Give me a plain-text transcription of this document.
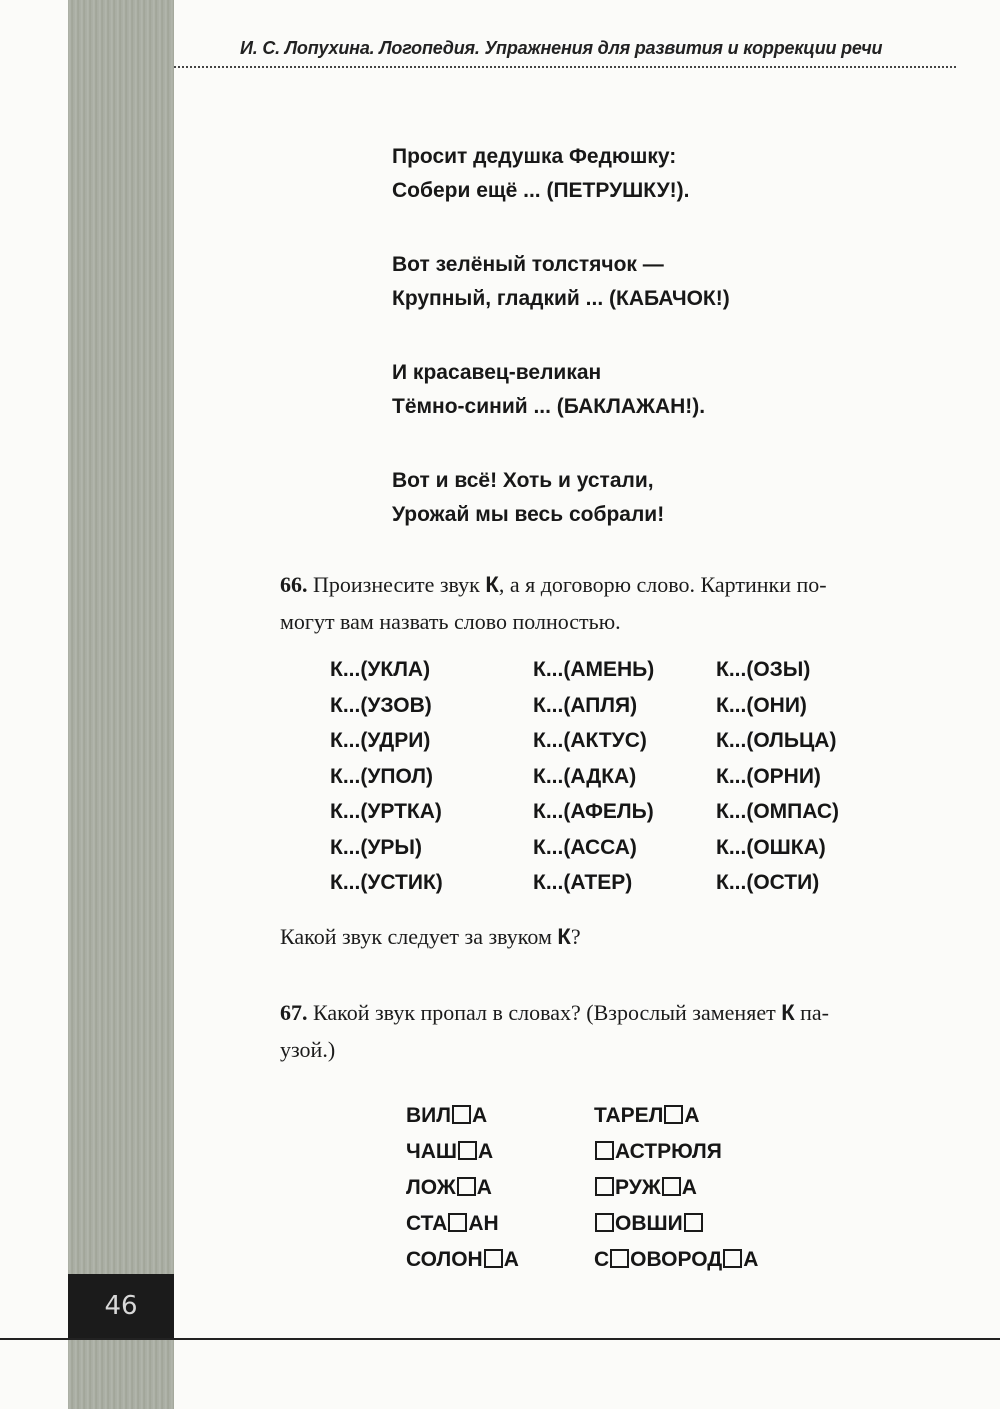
46
И. С. Лопухина. Логопедия. Упражнения для развития и коррекции речи
Просит дедушка Федюшку:
Собери ещё ... (ПЕТРУШКУ!).
Вот зелёный толстячок —
Крупный, гладкий ... (КАБАЧОК!)
И красавец-великан
Тёмно-синий ... (БАКЛАЖАН!).
Вот и всё! Хоть и устали,
Урожай мы весь собрали!
66. Произнесите звук К, а я договорю слово. Картинки по-
могут вам назвать слово полностью.
К...(УКЛА)
К...(УЗОВ)
К...(УДРИ)
К...(УПОЛ)
К...(УРТКА)
К...(УРЫ)
К...(УСТИК)
К...(АМЕНЬ)
К...(АПЛЯ)
К...(АКТУС)
К...(АДКА)
К...(АФЕЛЬ)
К...(АССА)
К...(АТЕР)
К...(ОЗЫ)
К...(ОНИ)
К...(ОЛЬЦА)
К...(ОРНИ)
К...(ОМПАС)
К...(ОШКА)
К...(ОСТИ)
Какой звук следует за звуком К?
67. Какой звук пропал в словах? (Взрослый заменяет К па-
узой.)
ВИЛ А
ЧАШ А
ЛОЖ А
СТА АН
СОЛОН А
ТАРЕЛ А
АСТРЮЛЯ
РУЖ А
ОВШИ
С ОВОРОД А
